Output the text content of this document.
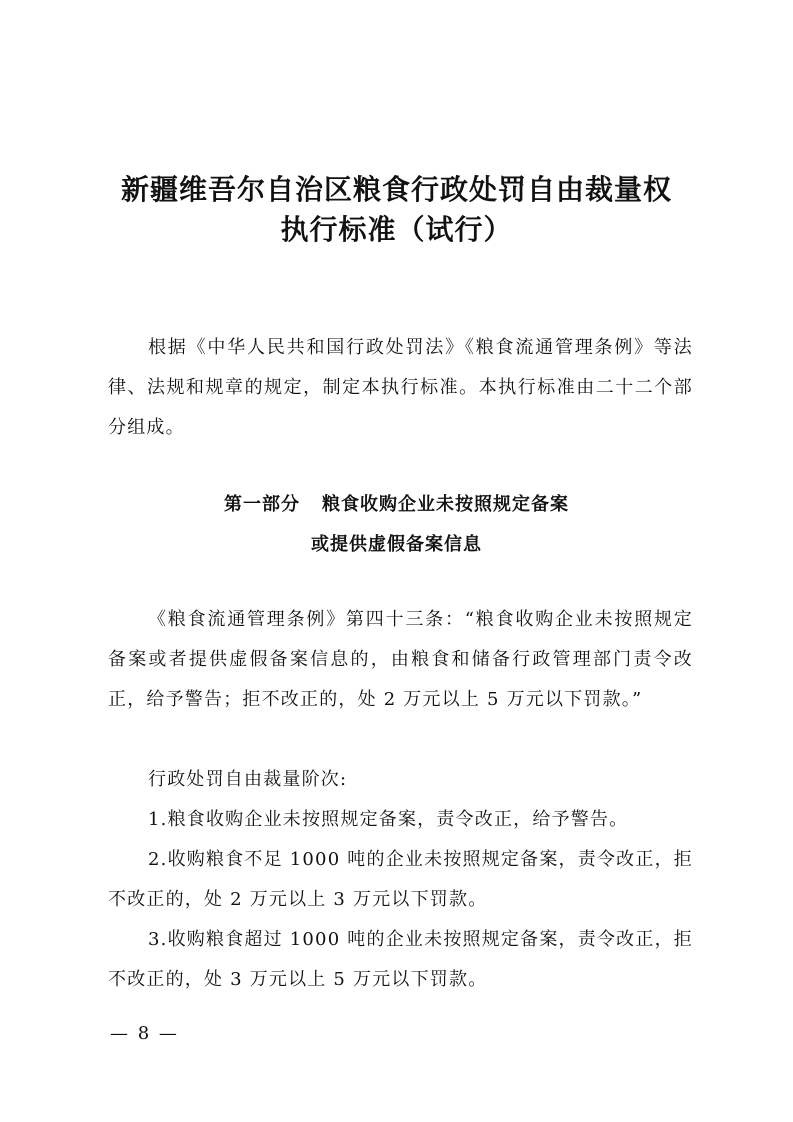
新疆维吾尔自治区粮食行政处罚自由裁量权
执行标准（试行）

根据《中华人民共和国行政处罚法》《粮食流通管理条例》等法律、法规和规章的规定，制定本执行标准。本执行标准由二十二个部分组成。

第一部分 粮食收购企业未按照规定备案
或提供虚假备案信息

《粮食流通管理条例》第四十三条：“粮食收购企业未按照规定备案或者提供虚假备案信息的，由粮食和储备行政管理部门责令改正，给予警告；拒不改正的，处 2 万元以上 5 万元以下罚款。”

行政处罚自由裁量阶次:

1.粮食收购企业未按照规定备案，责令改正，给予警告。

2.收购粮食不足 1000 吨的企业未按照规定备案，责令改正，拒不改正的，处 2 万元以上 3 万元以下罚款。

3.收购粮食超过 1000 吨的企业未按照规定备案，责令改正，拒不改正的，处 3 万元以上 5 万元以下罚款。

— 8 —
